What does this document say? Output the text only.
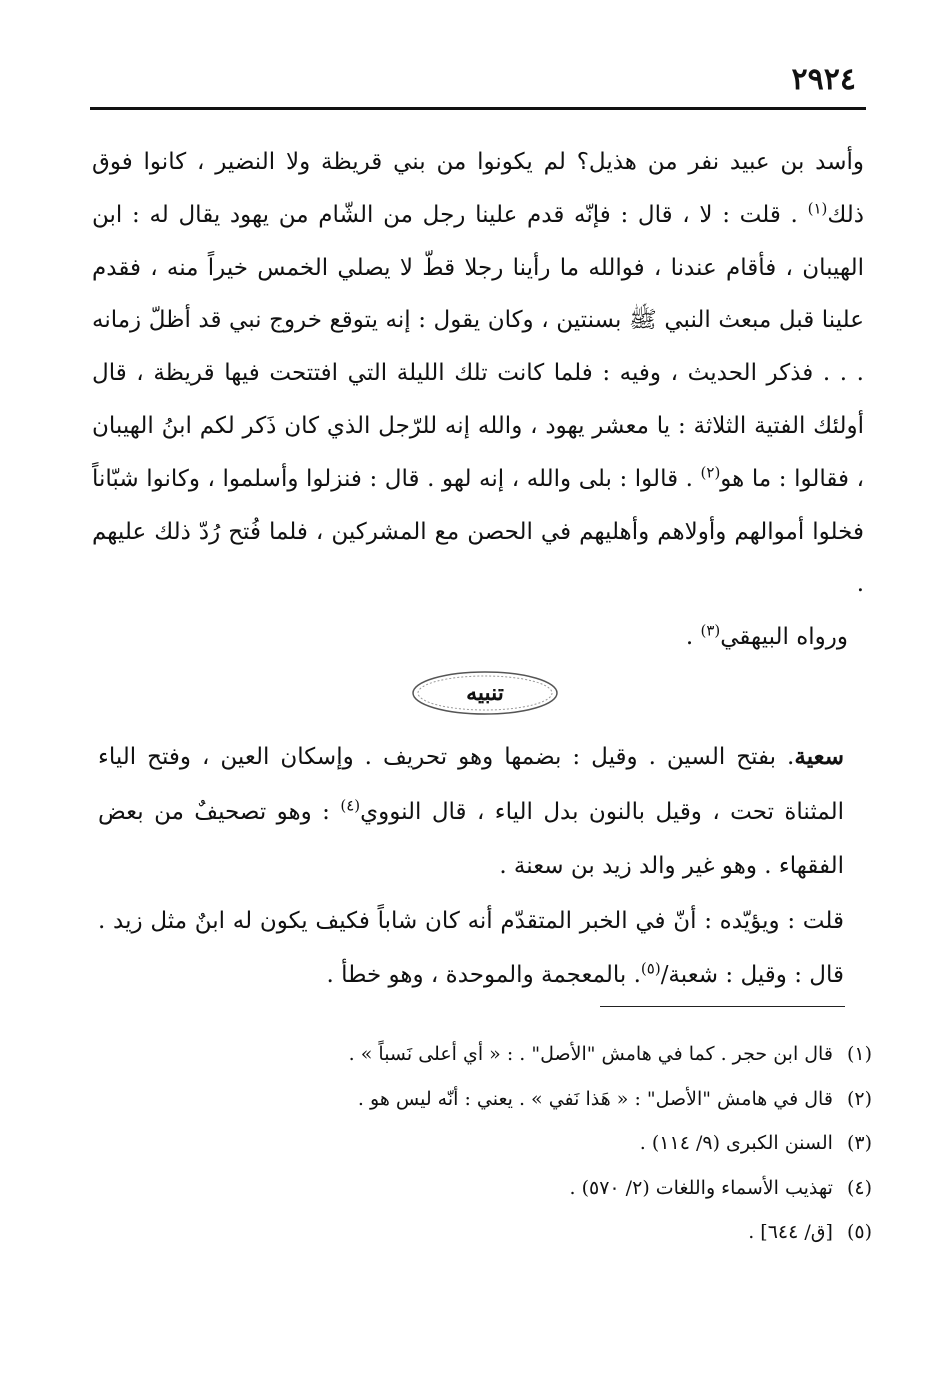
٢٩٢٤

وأسد بن عبيد نفر من هذيل؟ لم يكونوا من بني قريظة ولا النضير ، كانوا فوق ذلك$^{(١)}$ . قلت : لا ، قال : فإنّه قدم علينا رجل من الشّام من يهود يقال له : ابن الهيبان ، فأقام عندنا ، فوالله ما رأينا رجلا قطّ لا يصلي الخمس خيراً منه ، فقدم علينا قبل مبعث النبي ﷺ بسنتين ، وكان يقول : إنه يتوقع خروج نبي قد أظلّ زمانه . . . فذكر الحديث ، وفيه : فلما كانت تلك الليلة التي افتتحت فيها قريظة ، قال أولئك الفتية الثلاثة : يا معشر يهود ، والله إنه للرّجل الذي كان ذَكر لكم ابنُ الهيبان ، فقالوا : ما هو$^{(٢)}$ . قالوا : بلى والله ، إنه لهو . قال : فنزلوا وأسلموا ، وكانوا شبّاناً فخلوا أموالهم وأولاهم وأهليهم في الحصن مع المشركين ، فلما فُتح رُدّ ذلك عليهم .

ورواه البيهقي$^{(٣)}$ .

تنبيه

سعية. بفتح السين . وقيل : بضمها وهو تحريف . وإسكان العين ، وفتح الياء المثناة تحت ، وقيل بالنون بدل الياء ، قال النووي$^{(٤)}$ : وهو تصحيفٌ من بعض الفقهاء . وهو غير والد زيد بن سعنة .

قلت : ويؤيّده : أنّ في الخبر المتقدّم أنه كان شاباً فكيف يكون له ابنٌ مثل زيد . قال : وقيل : شعبة/$^{(٥)}$. بالمعجمة والموحدة ، وهو خطأ .

(١)قال ابن حجر . كما في هامش "الأصل" . : « أي أعلى نَسباً » .
(٢)قال في هامش "الأصل" : « هَذا نَفي » . يعني : أنّه ليس هو .
(٣)السنن الكبرى (٩/ ١١٤) .
(٤)تهذيب الأسماء واللغات (٢/ ٥٧٠) .
(٥)[ق/ ٦٤٤] .
